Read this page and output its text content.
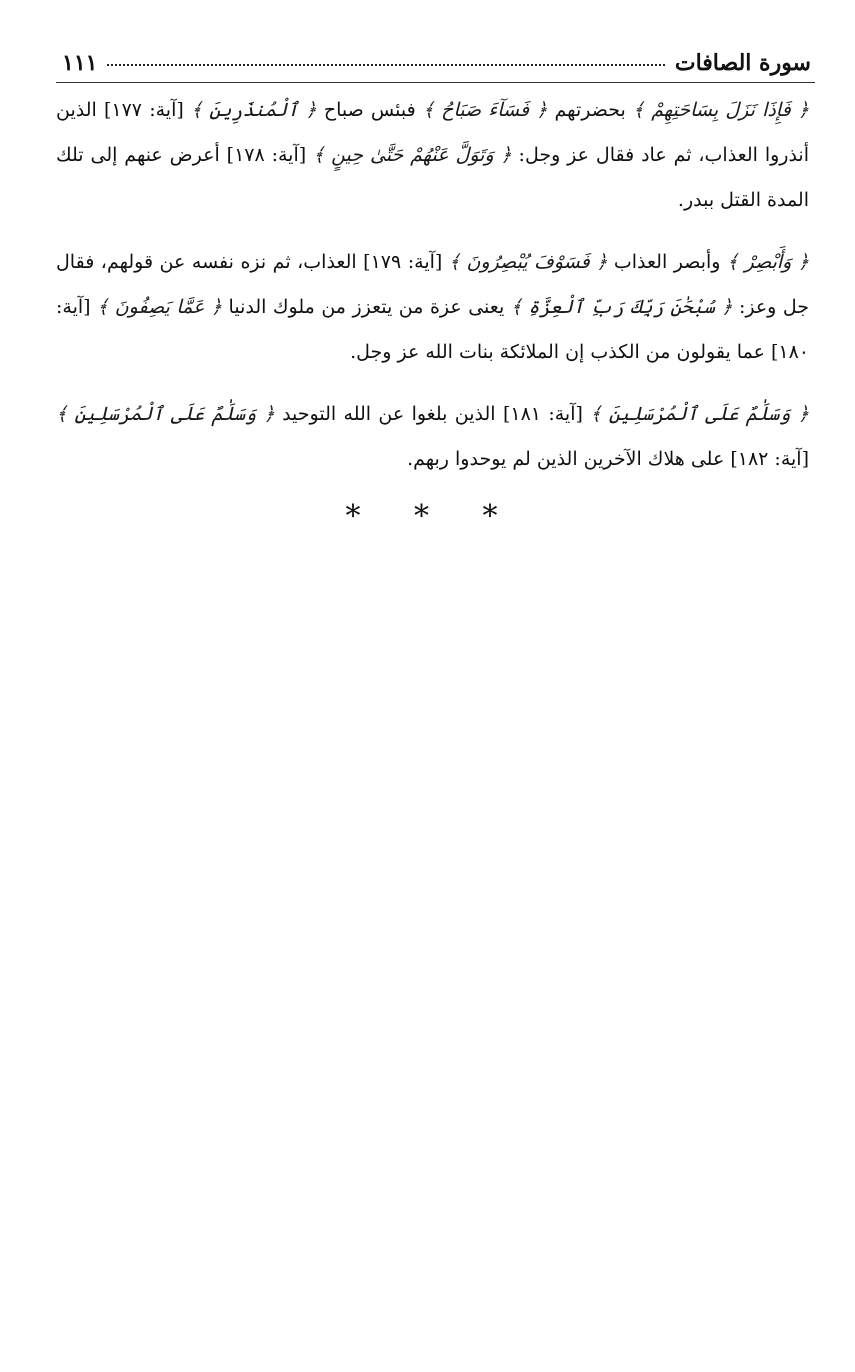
سورة الصافات
١١١

﴿ فَإِذَا نَزَلَ بِسَاحَتِهِمْ ﴾ بحضرتهم ﴿ فَسَآءَ صَبَاحُ ﴾ فبئس صباح ﴿ ٱلْمُنذَرِينَ ﴾ [آية: ١٧٧] الذين أنذروا العذاب، ثم عاد فقال عز وجل: ﴿ وَتَوَلَّ عَنْهُمْ حَتَّىٰ حِينٍ ﴾ [آية: ١٧٨] أعرض عنهم إلى تلك المدة القتل ببدر.

﴿ وَأَبْصِرْ ﴾ وأبصر العذاب ﴿ فَسَوْفَ يُبْصِرُونَ ﴾ [آية: ١٧٩] العذاب، ثم نزه نفسه عن قولهم، فقال جل وعز: ﴿ سُبْحَٰنَ رَبِّكَ رَبِّ ٱلْعِزَّةِ ﴾ يعنى عزة من يتعزز من ملوك الدنيا ﴿ عَمَّا يَصِفُونَ ﴾ [آية: ١٨٠] عما يقولون من الكذب إن الملائكة بنات الله عز وجل.

﴿ وَسَلَٰمٌ عَلَى ٱلْمُرْسَلِينَ ﴾ [آية: ١٨١] الذين بلغوا عن الله التوحيد ﴿ وَسَلَٰمٌ عَلَى ٱلْمُرْسَلِينَ ﴾ [آية: ١٨٢] على هلاك الآخرين الذين لم يوحدوا ربهم.

* * *
